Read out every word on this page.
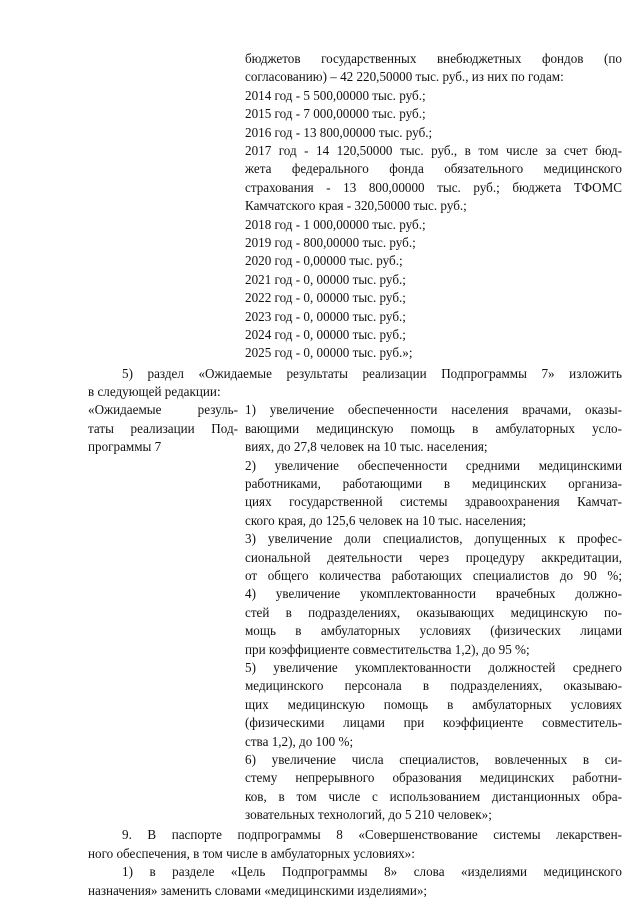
бюджетов государственных внебюджетных фондов (по
согласованию) – 42 220,50000 тыс. руб., из них по годам:
2014 год - 5 500,00000 тыс. руб.;
2015 год - 7 000,00000 тыс. руб.;
2016 год - 13 800,00000 тыс. руб.;
2017 год - 14 120,50000 тыс. руб., в том числе за счет бюд-
жета федерального фонда обязательного медицинского
страхования - 13 800,00000 тыс. руб.; бюджета ТФОМС
Камчатского края - 320,50000 тыс. руб.;
2018 год - 1 000,00000 тыс. руб.;
2019 год - 800,00000 тыс. руб.;
2020 год - 0,00000 тыс. руб.;
2021 год - 0, 00000 тыс. руб.;
2022 год - 0, 00000 тыс. руб.;
2023 год - 0, 00000 тыс. руб.;
2024 год - 0, 00000 тыс. руб.;
2025 год - 0, 00000 тыс. руб.»;
5) раздел «Ожидаемые результаты реализации Подпрограммы 7» изложить
в следующей редакции:
«Ожидаемые резуль-
таты реализации Под-
программы 7
1) увеличение обеспеченности населения врачами, оказы-
вающими медицинскую помощь в амбулаторных усло-
виях, до 27,8 человек на 10 тыс. населения;
2) увеличение обеспеченности средними медицинскими
работниками, работающими в медицинских организа-
циях государственной системы здравоохранения Камчат-
ского края, до 125,6 человек на 10 тыс. населения;
3) увеличение доли специалистов, допущенных к профес-
сиональной деятельности через процедуру аккредитации,
от общего количества работающих специалистов до 90 %;
4) увеличение укомплектованности врачебных должно-
стей в подразделениях, оказывающих медицинскую по-
мощь в амбулаторных условиях (физических лицами
при коэффициенте совместительства 1,2), до 95 %;
5) увеличение укомплектованности должностей среднего
медицинского персонала в подразделениях, оказываю-
щих медицинскую помощь в амбулаторных условиях
(физическими лицами при коэффициенте совместитель-
ства 1,2), до 100 %;
6) увеличение числа специалистов, вовлеченных в си-
стему непрерывного образования медицинских работни-
ков, в том числе с использованием дистанционных обра-
зовательных технологий, до 5 210 человек»;
9. В паспорте подпрограммы 8 «Совершенствование системы лекарствен-
ного обеспечения, в том числе в амбулаторных условиях»:
1) в разделе «Цель Подпрограммы 8» слова «изделиями медицинского
назначения» заменить словами «медицинскими изделиями»;
